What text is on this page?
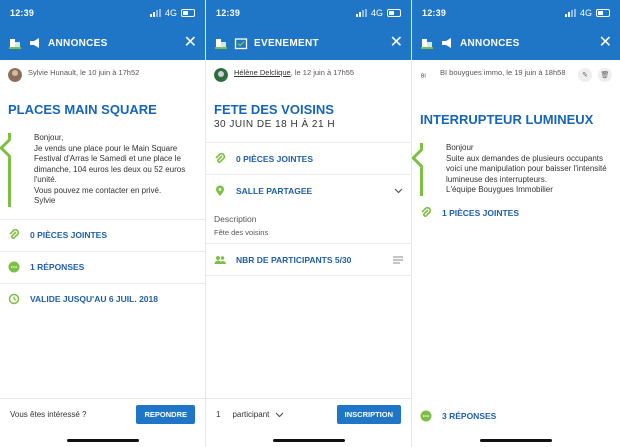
12:39	4G
ANNONCES	✕
Sylvie Hunault, le 10 juin à 17h52
PLACES MAIN SQUARE
Bonjour,
Je vends une place pour le Main Square Festival d'Arras le Samedi et une place le dimanche, 104 euros les deux ou 52 euros l'unité.
Vous pouvez me contacter en privé.
Sylvie
0 PIÈCES JOINTES
1 RÉPONSES
VALIDE JUSQU'AU 6 JUIL. 2018
Vous êtes intéressé ?	REPONDRE
12:39	4G
EVENEMENT	✕
Hélène Delclique, le 12 juin à 17h55
FETE DES VOISINS
30 JUIN DE 18 H À 21 H
0 PIÈCES JOINTES
SALLE PARTAGEE
Description
Fête des voisins
NBR DE PARTICIPANTS 5/30
1 participant	INSCRIPTION
12:39	4G
ANNONCES	✕
BI BI bouygues immo, le 19 juin à 18h58	✎	🗑
INTERRUPTEUR LUMINEUX
Bonjour
Suite aux demandes de plusieurs occupants voici une manipulation pour baisser l'intensité lumineuse des interrupteurs.
L'équipe Bouygues Immobilier
1 PIÈCES JOINTES
3 RÉPONSES
